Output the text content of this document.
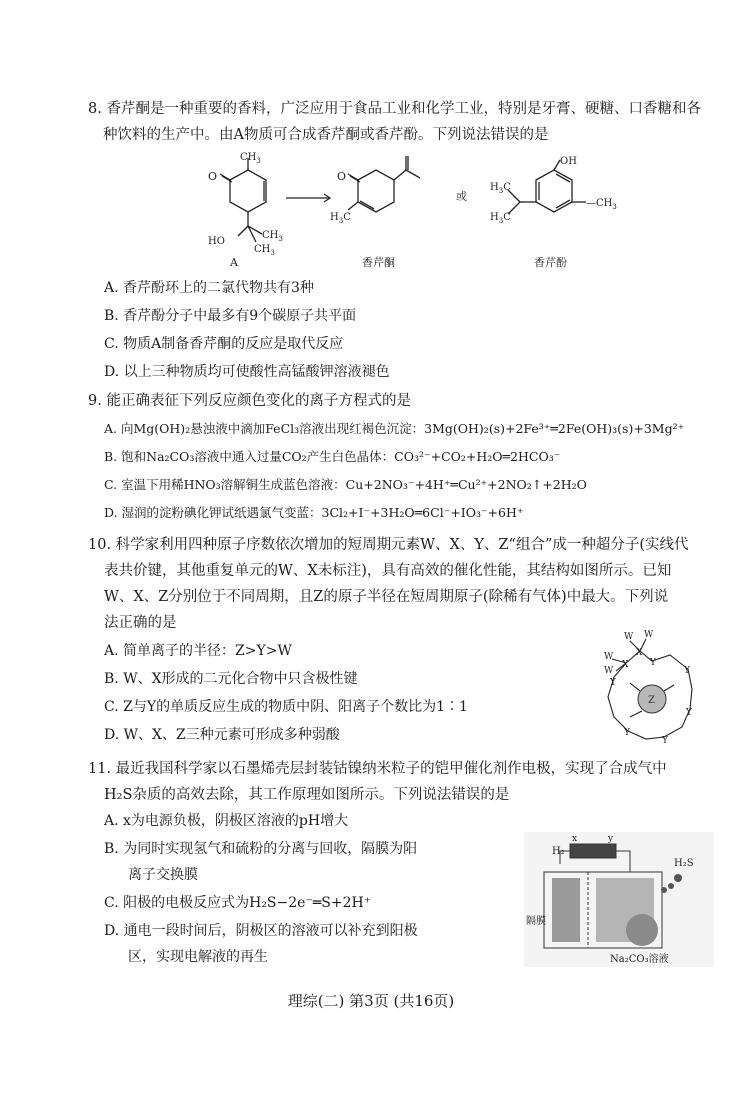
8. 香芹酮是一种重要的香料，广泛应用于食品工业和化学工业，特别是牙膏、硬糖、口香糖和各
种饮料的生产中。由A物质可合成香芹酮或香芹酚。下列说法错误的是
$CH_3$
O
HO
$CH_3$
$CH_3$
A
O
$H_3C$
香芹酮
或
OH
$—CH_3$
$H_3C$
$H_3C$
香芹酚
A. 香芹酚环上的二氯代物共有3种
B. 香芹酚分子中最多有9个碳原子共平面
C. 物质A制备香芹酮的反应是取代反应
D. 以上三种物质均可使酸性高锰酸钾溶液褪色
9. 能正确表征下列反应颜色变化的离子方程式的是
A. 向Mg(OH)₂悬浊液中滴加FeCl₃溶液出现红褐色沉淀：3Mg(OH)₂(s)+2Fe³⁺═2Fe(OH)₃(s)+3Mg²⁺
B. 饱和Na₂CO₃溶液中通入过量CO₂产生白色晶体：CO₃²⁻+CO₂+H₂O═2HCO₃⁻
C. 室温下用稀HNO₃溶解铜生成蓝色溶液：Cu+2NO₃⁻+4H⁺═Cu²⁺+2NO₂↑+2H₂O
D. 湿润的淀粉碘化钾试纸遇氯气变蓝：3Cl₂+I⁻+3H₂O═6Cl⁻+IO₃⁻+6H⁺
10. 科学家利用四种原子序数依次增加的短周期元素W、X、Y、Z“组合”成一种超分子(实线代
表共价键，其他重复单元的W、X未标注)，具有高效的催化性能，其结构如图所示。已知
W、X、Z分别位于不同周期，且Z的原子半径在短周期原子(除稀有气体)中最大。下列说
法正确的是
A. 简单离子的半径：Z>Y>W
B. W、X形成的二元化合物中只含极性键
C. Z与Y的单质反应生成的物质中阴、阳离子个数比为1∶1
D. W、X、Z三种元素可形成多种弱酸
Z
W W
W
W
X
X Y
Y
Y
Y
Y
Y
11. 最近我国科学家以石墨烯壳层封装钴镍纳米粒子的铠甲催化剂作电极，实现了合成气中
H₂S杂质的高效去除，其工作原理如图所示。下列说法错误的是
A. x为电源负极，阴极区溶液的pH增大
B. 为同时实现氢气和硫粉的分离与回收，隔膜为阳
离子交换膜
C. 阳极的电极反应式为H₂S−2e⁻═S+2H⁺
D. 通电一段时间后，阴极区的溶液可以补充到阳极
区，实现电解液的再生
H₂
x	y
H₂S
隔膜
Na₂CO₃溶液
理综(二) 第3页 (共16页)
